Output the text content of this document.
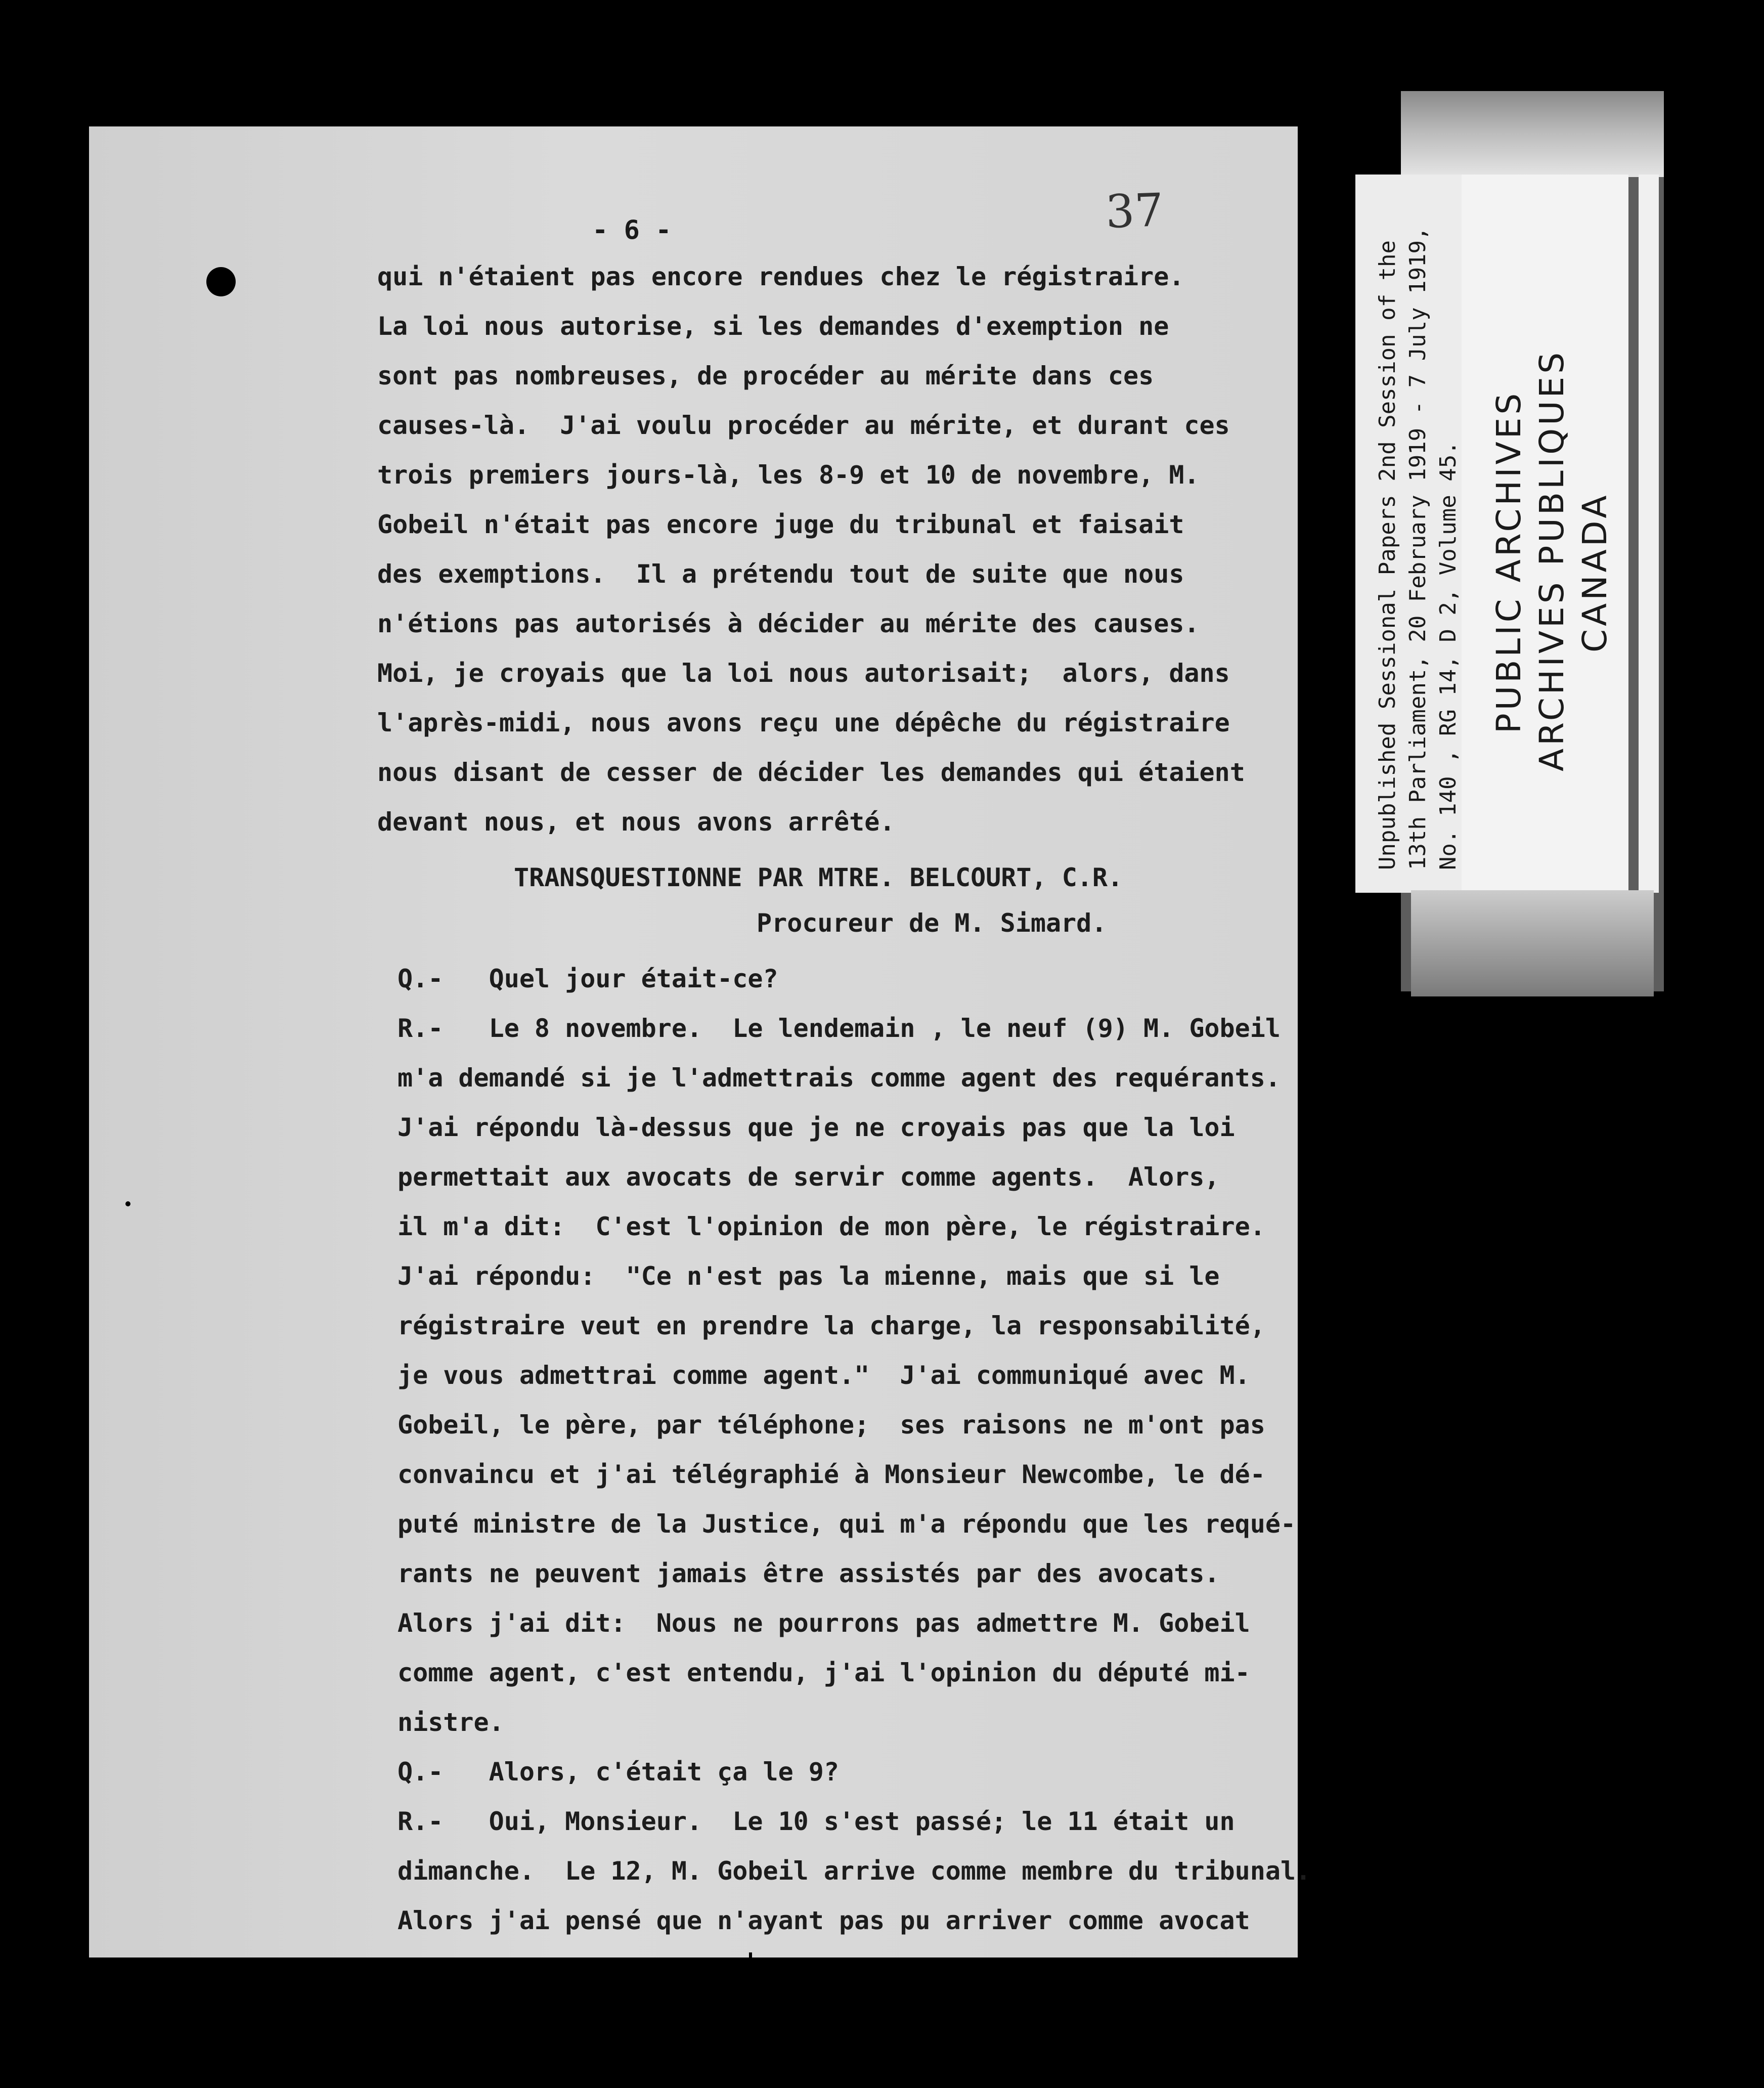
- 6 -	37
qui n'étaient pas encore rendues chez le régistraire.
La loi nous autorise, si les demandes d'exemption ne
sont pas nombreuses, de procéder au mérite dans ces
causes-là.  J'ai voulu procéder au mérite, et durant ces
trois premiers jours-là, les 8-9 et 10 de novembre, M.
Gobeil n'était pas encore juge du tribunal et faisait
des exemptions.  Il a prétendu tout de suite que nous
n'étions pas autorisés à décider au mérite des causes.
Moi, je croyais que la loi nous autorisait;  alors, dans
l'après-midi, nous avons reçu une dépêche du régistraire
nous disant de cesser de décider les demandes qui étaient
devant nous, et nous avons arrêté.
TRANSQUESTIONNE PAR MTRE. BELCOURT, C.R.
Procureur de M. Simard.
Q.-   Quel jour était-ce?
R.-   Le 8 novembre.  Le lendemain , le neuf (9) M. Gobeil
m'a demandé si je l'admettrais comme agent des requérants.
J'ai répondu là-dessus que je ne croyais pas que la loi
permettait aux avocats de servir comme agents.  Alors,
il m'a dit:  C'est l'opinion de mon père, le régistraire.
J'ai répondu:  "Ce n'est pas la mienne, mais que si le
régistraire veut en prendre la charge, la responsabilité,
je vous admettrai comme agent."  J'ai communiqué avec M.
Gobeil, le père, par téléphone;  ses raisons ne m'ont pas
convaincu et j'ai télégraphié à Monsieur Newcombe, le dé-
puté ministre de la Justice, qui m'a répondu que les requé-
rants ne peuvent jamais être assistés par des avocats.
Alors j'ai dit:  Nous ne pourrons pas admettre M. Gobeil
comme agent, c'est entendu, j'ai l'opinion du député mi-
nistre.
Q.-   Alors, c'était ça le 9?
R.-   Oui, Monsieur.  Le 10 s'est passé; le 11 était un
dimanche.  Le 12, M. Gobeil arrive comme membre du tribunal.
Alors j'ai pensé que n'ayant pas pu arriver comme avocat
Unpublished Sessional Papers 2nd Session of the 13th Parliament, 20 February 1919 - 7 July 1919, No. 140 , RG 14, D 2, Volume 45. PUBLIC ARCHIVES ARCHIVES PUBLIQUES CANADA
